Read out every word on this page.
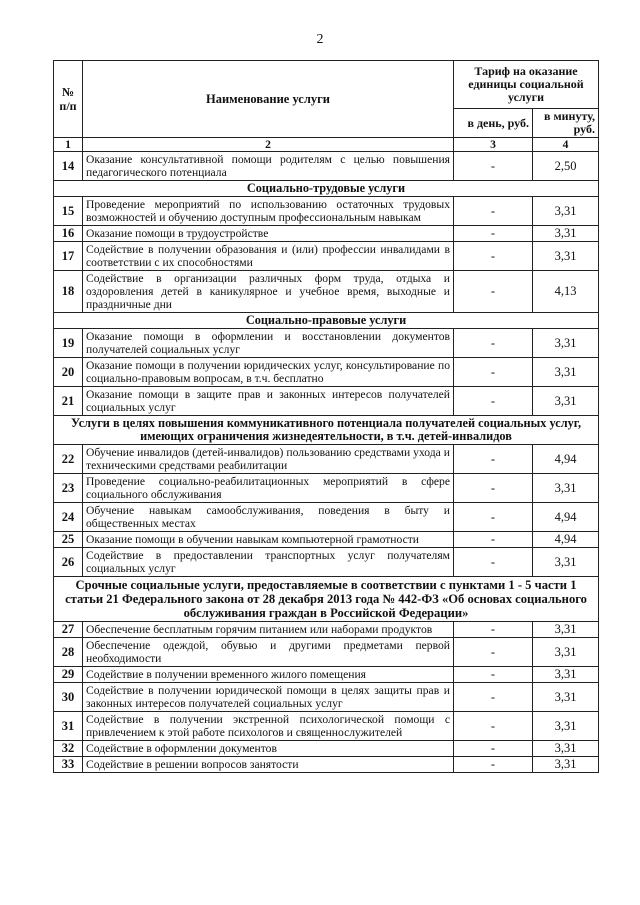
2
№ п/п	Наименование услуги	Тариф на оказание единицы социальной услуги	
		в день, руб.	в минуту, руб.
1	2	3	4
14	Оказание консультативной помощи родителям с целью повышения педагогического потенциала	-	2,50
Социально-трудовые услуги			
15	Проведение мероприятий по использованию остаточных трудовых возможностей и обучению доступным профессиональным навыкам	-	3,31
16	Оказание помощи в трудоустройстве	-	3,31
17	Содействие в получении образования и (или) профессии инвалидами в соответствии с их способностями	-	3,31
18	Содействие в организации различных форм труда, отдыха и оздоровления детей в каникулярное и учебное время, выходные и праздничные дни	-	4,13
Социально-правовые услуги			
19	Оказание помощи в оформлении и восстановлении документов получателей социальных услуг	-	3,31
20	Оказание помощи в получении юридических услуг, консультирование по социально-правовым вопросам, в т.ч. бесплатно	-	3,31
21	Оказание помощи в защите прав и законных интересов получателей социальных услуг	-	3,31
Услуги в целях повышения коммуникативного потенциала получателей социальных услуг, имеющих ограничения жизнедеятельности, в т.ч. детей-инвалидов			
22	Обучение инвалидов (детей-инвалидов) пользованию средствами ухода и техническими средствами реабилитации	-	4,94
23	Проведение социально-реабилитационных мероприятий в сфере социального обслуживания	-	3,31
24	Обучение навыкам самообслуживания, поведения в быту и общественных местах	-	4,94
25	Оказание помощи в обучении навыкам компьютерной грамотности	-	4,94
26	Содействие в предоставлении транспортных услуг получателям социальных услуг	-	3,31
Срочные социальные услуги, предоставляемые в соответствии с пунктами 1 - 5 части 1 статьи 21 Федерального закона от 28 декабря 2013 года № 442-ФЗ «Об основах социального обслуживания граждан в Российской Федерации»			
27	Обеспечение бесплатным горячим питанием или наборами продуктов	-	3,31
28	Обеспечение одеждой, обувью и другими предметами первой необходимости	-	3,31
29	Содействие в получении временного жилого помещения	-	3,31
30	Содействие в получении юридической помощи в целях защиты прав и законных интересов получателей социальных услуг	-	3,31
31	Содействие в получении экстренной психологической помощи с привлечением к этой работе психологов и священнослужителей	-	3,31
32	Содействие в оформлении документов	-	3,31
33	Содействие в решении вопросов занятости	-	3,31
